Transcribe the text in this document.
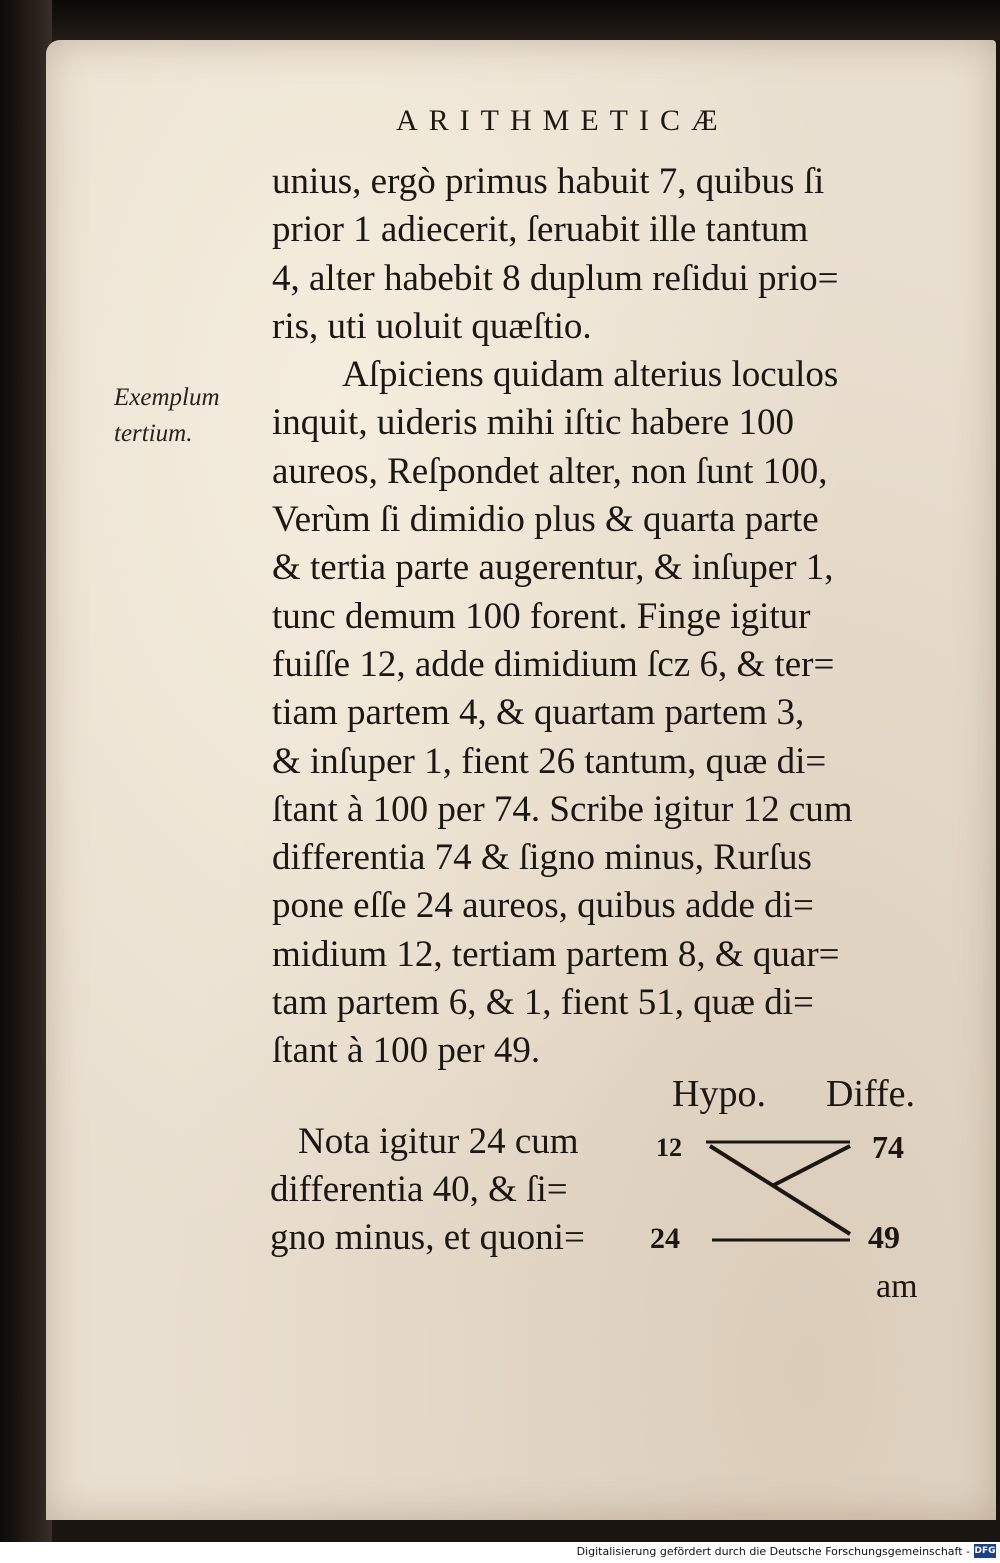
ARITHMETICÆ
Exemplum
tertium.
unius, ergò primus habuit 7, quibus ſi
prior 1 adiecerit, ſeruabit ille tantum
4, alter habebit 8 duplum reſidui prio=
ris, uti uoluit quæſtio.
Aſpiciens quidam alterius loculos
inquit, uideris mihi iſtic habere 100
aureos, Reſpondet alter, non ſunt 100,
Verùm ſi dimidio plus & quarta parte
& tertia parte augerentur, & inſuper 1,
tunc demum 100 forent. Finge igitur
fuiſſe 12, adde dimidium ſcz 6, & ter=
tiam partem 4, & quartam partem 3,
& inſuper 1, fient 26 tantum, quæ di=
ſtant à 100 per 74. Scribe igitur 12 cum
differentia 74 & ſigno minus, Rurſus
pone eſſe 24 aureos, quibus adde di=
midium 12, tertiam partem 8, & quar=
tam partem 6, & 1, fient 51, quæ di=
ſtant à 100 per 49.
Nota igitur 24 cum
differentia 40, & ſi=
gno minus, et quoni=
Hypo. Diffe.
12
24
74
49
am
Digitalisierung gefördert durch die Deutsche Forschungsgemeinschaft - DFG
